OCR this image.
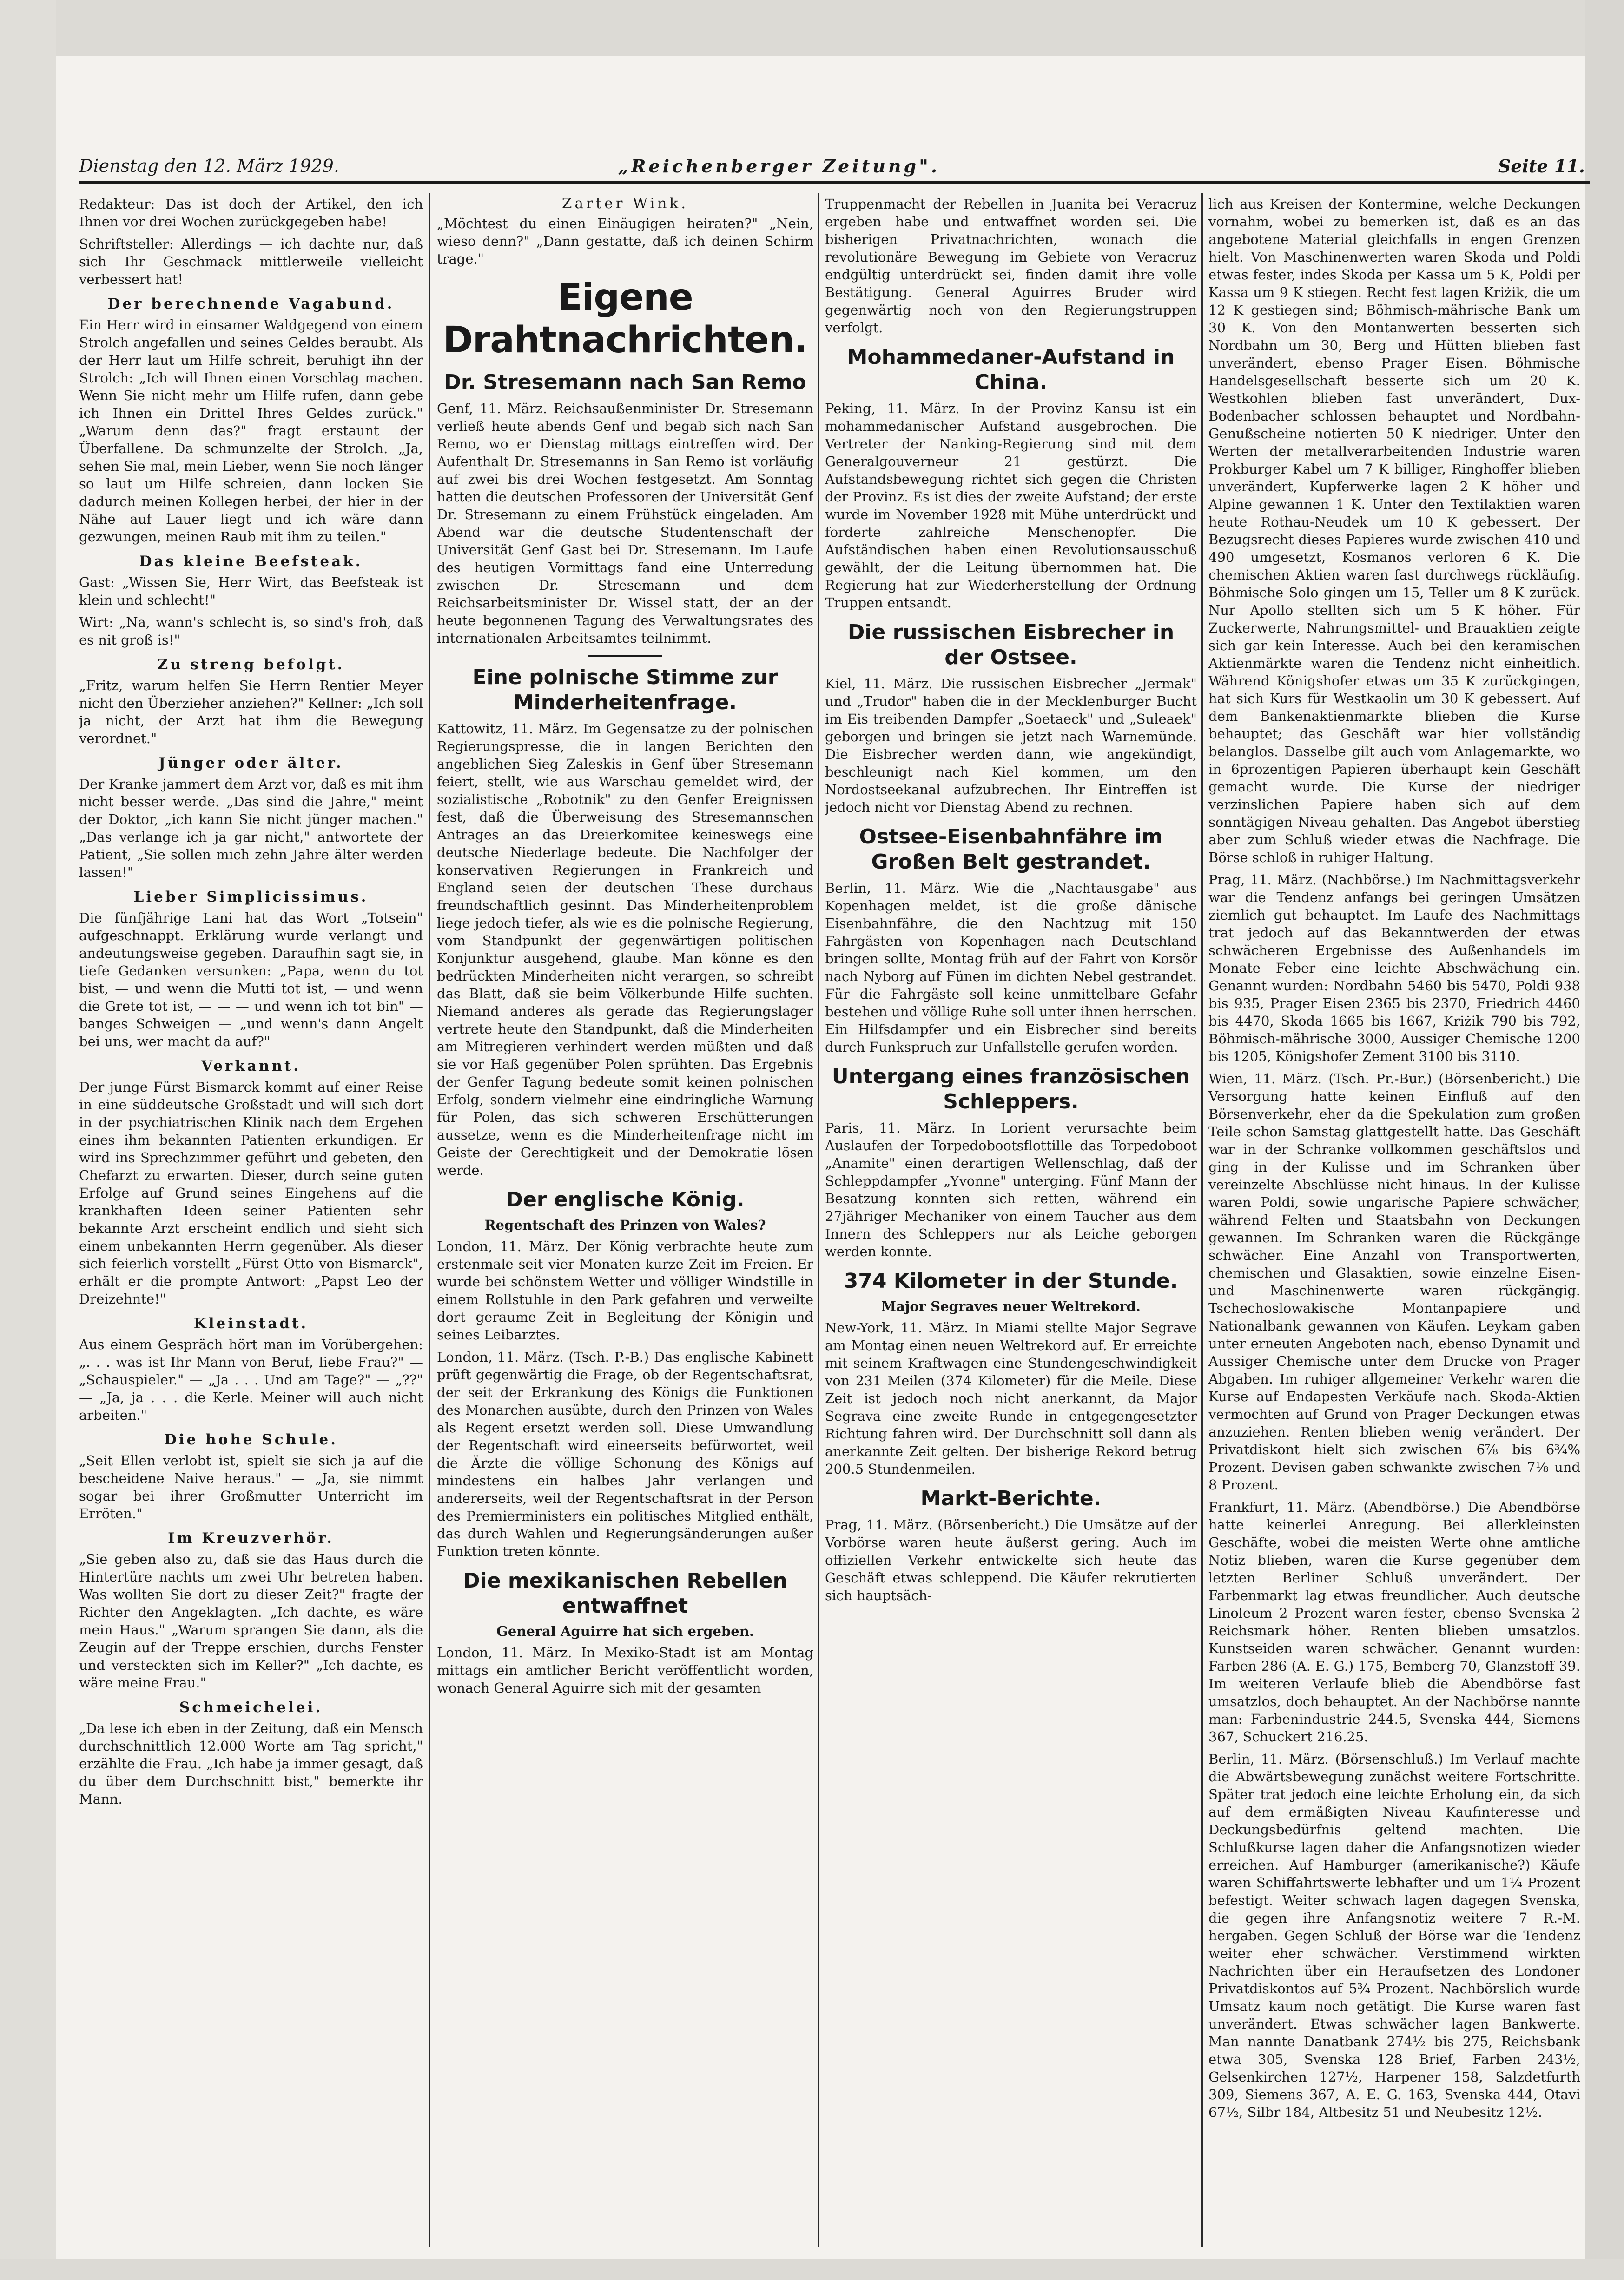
Dienstag den 12. März 1929.	„Reichenberger Zeitung".	Seite 11.

Redakteur: Das ist doch der Artikel, den ich Ihnen vor drei Wochen zurückgegeben habe!

Schriftsteller: Allerdings — ich dachte nur, daß sich Ihr Geschmack mittlerweile vielleicht verbessert hat!

Der berechnende Vagabund.

Ein Herr wird in einsamer Waldgegend von einem Strolch angefallen und seines Geldes beraubt. Als der Herr laut um Hilfe schreit, beruhigt ihn der Strolch: „Ich will Ihnen einen Vorschlag machen. Wenn Sie nicht mehr um Hilfe rufen, dann gebe ich Ihnen ein Drittel Ihres Geldes zurück." „Warum denn das?" fragt erstaunt der Überfallene. Da schmunzelte der Strolch. „Ja, sehen Sie mal, mein Lieber, wenn Sie noch länger so laut um Hilfe schreien, dann locken Sie dadurch meinen Kollegen herbei, der hier in der Nähe auf Lauer liegt und ich wäre dann gezwungen, meinen Raub mit ihm zu teilen."

Das kleine Beefsteak.

Gast: „Wissen Sie, Herr Wirt, das Beefsteak ist klein und schlecht!"

Wirt: „Na, wann's schlecht is, so sind's froh, daß es nit groß is!"

Zu streng befolgt.

„Fritz, warum helfen Sie Herrn Rentier Meyer nicht den Überzieher anziehen?" Kellner: „Ich soll ja nicht, der Arzt hat ihm die Bewegung verordnet."

Jünger oder älter.

Der Kranke jammert dem Arzt vor, daß es mit ihm nicht besser werde. „Das sind die Jahre," meint der Doktor, „ich kann Sie nicht jünger machen." „Das verlange ich ja gar nicht," antwortete der Patient, „Sie sollen mich zehn Jahre älter werden lassen!"

Lieber Simplicissimus.

Die fünfjährige Lani hat das Wort „Totsein" aufgeschnappt. Erklärung wurde verlangt und andeutungsweise gegeben. Daraufhin sagt sie, in tiefe Gedanken versunken: „Papa, wenn du tot bist, — und wenn die Mutti tot ist, — und wenn die Grete tot ist, — — — und wenn ich tot bin" — banges Schweigen — „und wenn's dann Angelt bei uns, wer macht da auf?"

Verkannt.

Der junge Fürst Bismarck kommt auf einer Reise in eine süddeutsche Großstadt und will sich dort in der psychiatrischen Klinik nach dem Ergehen eines ihm bekannten Patienten erkundigen. Er wird ins Sprechzimmer geführt und gebeten, den Chefarzt zu erwarten. Dieser, durch seine guten Erfolge auf Grund seines Eingehens auf die krankhaften Ideen seiner Patienten sehr bekannte Arzt erscheint endlich und sieht sich einem unbekannten Herrn gegenüber. Als dieser sich feierlich vorstellt „Fürst Otto von Bismarck", erhält er die prompte Antwort: „Papst Leo der Dreizehnte!"

Kleinstadt.

Aus einem Gespräch hört man im Vorübergehen: „. . . was ist Ihr Mann von Beruf, liebe Frau?" — „Schauspieler." — „Ja . . . Und am Tage?" — „??" — „Ja, ja . . . die Kerle. Meiner will auch nicht arbeiten."

Die hohe Schule.

„Seit Ellen verlobt ist, spielt sie sich ja auf die bescheidene Naive heraus." — „Ja, sie nimmt sogar bei ihrer Großmutter Unterricht im Erröten."

Im Kreuzverhör.

„Sie geben also zu, daß sie das Haus durch die Hintertüre nachts um zwei Uhr betreten haben. Was wollten Sie dort zu dieser Zeit?" fragte der Richter den Angeklagten. „Ich dachte, es wäre mein Haus." „Warum sprangen Sie dann, als die Zeugin auf der Treppe erschien, durchs Fenster und versteckten sich im Keller?" „Ich dachte, es wäre meine Frau."

Schmeichelei.

„Da lese ich eben in der Zeitung, daß ein Mensch durchschnittlich 12.000 Worte am Tag spricht," erzählte die Frau. „Ich habe ja immer gesagt, daß du über dem Durchschnitt bist," bemerkte ihr Mann.

Zarter Wink.

„Möchtest du einen Einäugigen heiraten?" „Nein, wieso denn?" „Dann gestatte, daß ich deinen Schirm trage."

Eigene Drahtnachrichten.
Dr. Stresemann nach San Remo

Genf, 11. März. Reichsaußenminister Dr. Stresemann verließ heute abends Genf und begab sich nach San Remo, wo er Dienstag mittags eintreffen wird. Der Aufenthalt Dr. Stresemanns in San Remo ist vorläufig auf zwei bis drei Wochen festgesetzt. Am Sonntag hatten die deutschen Professoren der Universität Genf Dr. Stresemann zu einem Frühstück eingeladen. Am Abend war die deutsche Studentenschaft der Universität Genf Gast bei Dr. Stresemann. Im Laufe des heutigen Vormittags fand eine Unterredung zwischen Dr. Stresemann und dem Reichsarbeitsminister Dr. Wissel statt, der an der heute begonnenen Tagung des Verwaltungsrates des internationalen Arbeitsamtes teilnimmt.

Eine polnische Stimme zur Minderheitenfrage.

Kattowitz, 11. März. Im Gegensatze zu der polnischen Regierungspresse, die in langen Berichten den angeblichen Sieg Zaleskis in Genf über Stresemann feiert, stellt, wie aus Warschau gemeldet wird, der sozialistische „Robotnik" zu den Genfer Ereignissen fest, daß die Überweisung des Stresemannschen Antrages an das Dreierkomitee keineswegs eine deutsche Niederlage bedeute. Die Nachfolger der konservativen Regierungen in Frankreich und England seien der deutschen These durchaus freundschaftlich gesinnt. Das Minderheitenproblem liege jedoch tiefer, als wie es die polnische Regierung, vom Standpunkt der gegenwärtigen politischen Konjunktur ausgehend, glaube. Man könne es den bedrückten Minderheiten nicht verargen, so schreibt das Blatt, daß sie beim Völkerbunde Hilfe suchten. Niemand anderes als gerade das Regierungslager vertrete heute den Standpunkt, daß die Minderheiten am Mitregieren verhindert werden müßten und daß sie vor Haß gegenüber Polen sprühten. Das Ergebnis der Genfer Tagung bedeute somit keinen polnischen Erfolg, sondern vielmehr eine eindringliche Warnung für Polen, das sich schweren Erschütterungen aussetze, wenn es die Minderheitenfrage nicht im Geiste der Gerechtigkeit und der Demokratie lösen werde.

Der englische König.
Regentschaft des Prinzen von Wales?

London, 11. März. Der König verbrachte heute zum erstenmale seit vier Monaten kurze Zeit im Freien. Er wurde bei schönstem Wetter und völliger Windstille in einem Rollstuhle in den Park gefahren und verweilte dort geraume Zeit in Begleitung der Königin und seines Leibarztes.

London, 11. März. (Tsch. P.-B.) Das englische Kabinett prüft gegenwärtig die Frage, ob der Regentschaftsrat, der seit der Erkrankung des Königs die Funktionen des Monarchen ausübte, durch den Prinzen von Wales als Regent ersetzt werden soll. Diese Umwandlung der Regentschaft wird eineerseits befürwortet, weil die Ärzte die völlige Schonung des Königs auf mindestens ein halbes Jahr verlangen und andererseits, weil der Regentschaftsrat in der Person des Premierministers ein politisches Mitglied enthält, das durch Wahlen und Regierungsänderungen außer Funktion treten könnte.

Die mexikanischen Rebellen entwaffnet
General Aguirre hat sich ergeben.

London, 11. März. In Mexiko-Stadt ist am Montag mittags ein amtlicher Bericht veröffentlicht worden, wonach General Aguirre sich mit der gesamten

Truppenmacht der Rebellen in Juanita bei Veracruz ergeben habe und entwaffnet worden sei. Die bisherigen Privatnachrichten, wonach die revolutionäre Bewegung im Gebiete von Veracruz endgültig unterdrückt sei, finden damit ihre volle Bestätigung. General Aguirres Bruder wird gegenwärtig noch von den Regierungstruppen verfolgt.

Mohammedaner-Aufstand in China.

Peking, 11. März. In der Provinz Kansu ist ein mohammedanischer Aufstand ausgebrochen. Die Vertreter der Nanking-Regierung sind mit dem Generalgouverneur 21 gestürzt. Die Aufstandsbewegung richtet sich gegen die Christen der Provinz. Es ist dies der zweite Aufstand; der erste wurde im November 1928 mit Mühe unterdrückt und forderte zahlreiche Menschenopfer. Die Aufständischen haben einen Revolutionsausschuß gewählt, der die Leitung übernommen hat. Die Regierung hat zur Wiederherstellung der Ordnung Truppen entsandt.

Die russischen Eisbrecher in der Ostsee.

Kiel, 11. März. Die russischen Eisbrecher „Jermak" und „Trudor" haben die in der Mecklenburger Bucht im Eis treibenden Dampfer „Soetaeck" und „Suleaek" geborgen und bringen sie jetzt nach Warnemünde. Die Eisbrecher werden dann, wie angekündigt, beschleunigt nach Kiel kommen, um den Nordostseekanal aufzubrechen. Ihr Eintreffen ist jedoch nicht vor Dienstag Abend zu rechnen.

Ostsee-Eisenbahnfähre im Großen Belt gestrandet.

Berlin, 11. März. Wie die „Nachtausgabe" aus Kopenhagen meldet, ist die große dänische Eisenbahnfähre, die den Nachtzug mit 150 Fahrgästen von Kopenhagen nach Deutschland bringen sollte, Montag früh auf der Fahrt von Korsör nach Nyborg auf Fünen im dichten Nebel gestrandet. Für die Fahrgäste soll keine unmittelbare Gefahr bestehen und völlige Ruhe soll unter ihnen herrschen. Ein Hilfsdampfer und ein Eisbrecher sind bereits durch Funkspruch zur Unfallstelle gerufen worden.

Untergang eines französischen Schleppers.

Paris, 11. März. In Lorient verursachte beim Auslaufen der Torpedobootsflottille das Torpedoboot „Anamite" einen derartigen Wellenschlag, daß der Schleppdampfer „Yvonne" unterging. Fünf Mann der Besatzung konnten sich retten, während ein 27jähriger Mechaniker von einem Taucher aus dem Innern des Schleppers nur als Leiche geborgen werden konnte.

374 Kilometer in der Stunde.
Major Segraves neuer Weltrekord.

New-York, 11. März. In Miami stellte Major Segrave am Montag einen neuen Weltrekord auf. Er erreichte mit seinem Kraftwagen eine Stundengeschwindigkeit von 231 Meilen (374 Kilometer) für die Meile. Diese Zeit ist jedoch noch nicht anerkannt, da Major Segrava eine zweite Runde in entgegengesetzter Richtung fahren wird. Der Durchschnitt soll dann als anerkannte Zeit gelten. Der bisherige Rekord betrug 200.5 Stundenmeilen.

Markt-Berichte.

Prag, 11. März. (Börsenbericht.) Die Umsätze auf der Vorbörse waren heute äußerst gering. Auch im offiziellen Verkehr entwickelte sich heute das Geschäft etwas schleppend. Die Käufer rekrutierten sich hauptsäch-

lich aus Kreisen der Kontermine, welche Deckungen vornahm, wobei zu bemerken ist, daß es an das angebotene Material gleichfalls in engen Grenzen hielt. Von Maschinenwerten waren Skoda und Poldi etwas fester, indes Skoda per Kassa um 5 K, Poldi per Kassa um 9 K stiegen. Recht fest lagen Kriżik, die um 12 K gestiegen sind; Böhmisch-mährische Bank um 30 K. Von den Montanwerten besserten sich Nordbahn um 30, Berg und Hütten blieben fast unverändert, ebenso Prager Eisen. Böhmische Handelsgesellschaft besserte sich um 20 K. Westkohlen blieben fast unverändert, Dux-Bodenbacher schlossen behauptet und Nordbahn-Genußscheine notierten 50 K niedriger. Unter den Werten der metallverarbeitenden Industrie waren Prokburger Kabel um 7 K billiger, Ringhoffer blieben unverändert, Kupferwerke lagen 2 K höher und Alpine gewannen 1 K. Unter den Textilaktien waren heute Rothau-Neudek um 10 K gebessert. Der Bezugsrecht dieses Papieres wurde zwischen 410 und 490 umgesetzt, Kosmanos verloren 6 K. Die chemischen Aktien waren fast durchwegs rückläufig. Böhmische Solo gingen um 15, Teller um 8 K zurück. Nur Apollo stellten sich um 5 K höher. Für Zuckerwerte, Nahrungsmittel- und Brauaktien zeigte sich gar kein Interesse. Auch bei den keramischen Aktienmärkte waren die Tendenz nicht einheitlich. Während Königshofer etwas um 35 K zurückgingen, hat sich Kurs für Westkaolin um 30 K gebessert. Auf dem Bankenaktienmarkte blieben die Kurse behauptet; das Geschäft war hier vollständig belanglos. Dasselbe gilt auch vom Anlagemarkte, wo in 6prozentigen Papieren überhaupt kein Geschäft gemacht wurde. Die Kurse der niedriger verzinslichen Papiere haben sich auf dem sonntägigen Niveau gehalten. Das Angebot überstieg aber zum Schluß wieder etwas die Nachfrage. Die Börse schloß in ruhiger Haltung.

Prag, 11. März. (Nachbörse.) Im Nachmittagsverkehr war die Tendenz anfangs bei geringen Umsätzen ziemlich gut behauptet. Im Laufe des Nachmittags trat jedoch auf das Bekanntwerden der etwas schwächeren Ergebnisse des Außenhandels im Monate Feber eine leichte Abschwächung ein. Genannt wurden: Nordbahn 5460 bis 5470, Poldi 938 bis 935, Prager Eisen 2365 bis 2370, Friedrich 4460 bis 4470, Skoda 1665 bis 1667, Kriżik 790 bis 792, Böhmisch-mährische 3000, Aussiger Chemische 1200 bis 1205, Königshofer Zement 3100 bis 3110.

Wien, 11. März. (Tsch. Pr.-Bur.) (Börsenbericht.) Die Versorgung hatte keinen Einfluß auf den Börsenverkehr, eher da die Spekulation zum großen Teile schon Samstag glattgestellt hatte. Das Geschäft war in der Schranke vollkommen geschäftslos und ging in der Kulisse und im Schranken über vereinzelte Abschlüsse nicht hinaus. In der Kulisse waren Poldi, sowie ungarische Papiere schwächer, während Felten und Staatsbahn von Deckungen gewannen. Im Schranken waren die Rückgänge schwächer. Eine Anzahl von Transportwerten, chemischen und Glasaktien, sowie einzelne Eisen- und Maschinenwerte waren rückgängig. Tschechoslowakische Montanpapiere und Nationalbank gewannen von Käufen. Leykam gaben unter erneuten Angeboten nach, ebenso Dynamit und Aussiger Chemische unter dem Drucke von Prager Abgaben. Im ruhiger allgemeiner Verkehr waren die Kurse auf Endapesten Verkäufe nach. Skoda-Aktien vermochten auf Grund von Prager Deckungen etwas anzuziehen. Renten blieben wenig verändert. Der Privatdiskont hielt sich zwischen 6⅞ bis 6¾% Prozent. Devisen gaben schwankte zwischen 7⅛ und 8 Prozent.

Frankfurt, 11. März. (Abendbörse.) Die Abendbörse hatte keinerlei Anregung. Bei allerkleinsten Geschäfte, wobei die meisten Werte ohne amtliche Notiz blieben, waren die Kurse gegenüber dem letzten Berliner Schluß unverändert. Der Farbenmarkt lag etwas freundlicher. Auch deutsche Linoleum 2 Prozent waren fester, ebenso Svenska 2 Reichsmark höher. Renten blieben umsatzlos. Kunstseiden waren schwächer. Genannt wurden: Farben 286 (A. E. G.) 175, Bemberg 70, Glanzstoff 39. Im weiteren Verlaufe blieb die Abendbörse fast umsatzlos, doch behauptet. An der Nachbörse nannte man: Farbenindustrie 244.5, Svenska 444, Siemens 367, Schuckert 216.25.

Berlin, 11. März. (Börsenschluß.) Im Verlauf machte die Abwärtsbewegung zunächst weitere Fortschritte. Später trat jedoch eine leichte Erholung ein, da sich auf dem ermäßigten Niveau Kaufinteresse und Deckungsbedürfnis geltend machten. Die Schlußkurse lagen daher die Anfangsnotizen wieder erreichen. Auf Hamburger (amerikanische?) Käufe waren Schiffahrtswerte lebhafter und um 1¼ Prozent befestigt. Weiter schwach lagen dagegen Svenska, die gegen ihre Anfangsnotiz weitere 7 R.-M. hergaben. Gegen Schluß der Börse war die Tendenz weiter eher schwächer. Verstimmend wirkten Nachrichten über ein Heraufsetzen des Londoner Privatdiskontos auf 5¾ Prozent. Nachbörslich wurde Umsatz kaum noch getätigt. Die Kurse waren fast unverändert. Etwas schwächer lagen Bankwerte. Man nannte Danatbank 274½ bis 275, Reichsbank etwa 305, Svenska 128 Brief, Farben 243½, Gelsenkirchen 127½, Harpener 158, Salzdetfurth 309, Siemens 367, A. E. G. 163, Svenska 444, Otavi 67½, Silbr 184, Altbesitz 51 und Neubesitz 12½.
